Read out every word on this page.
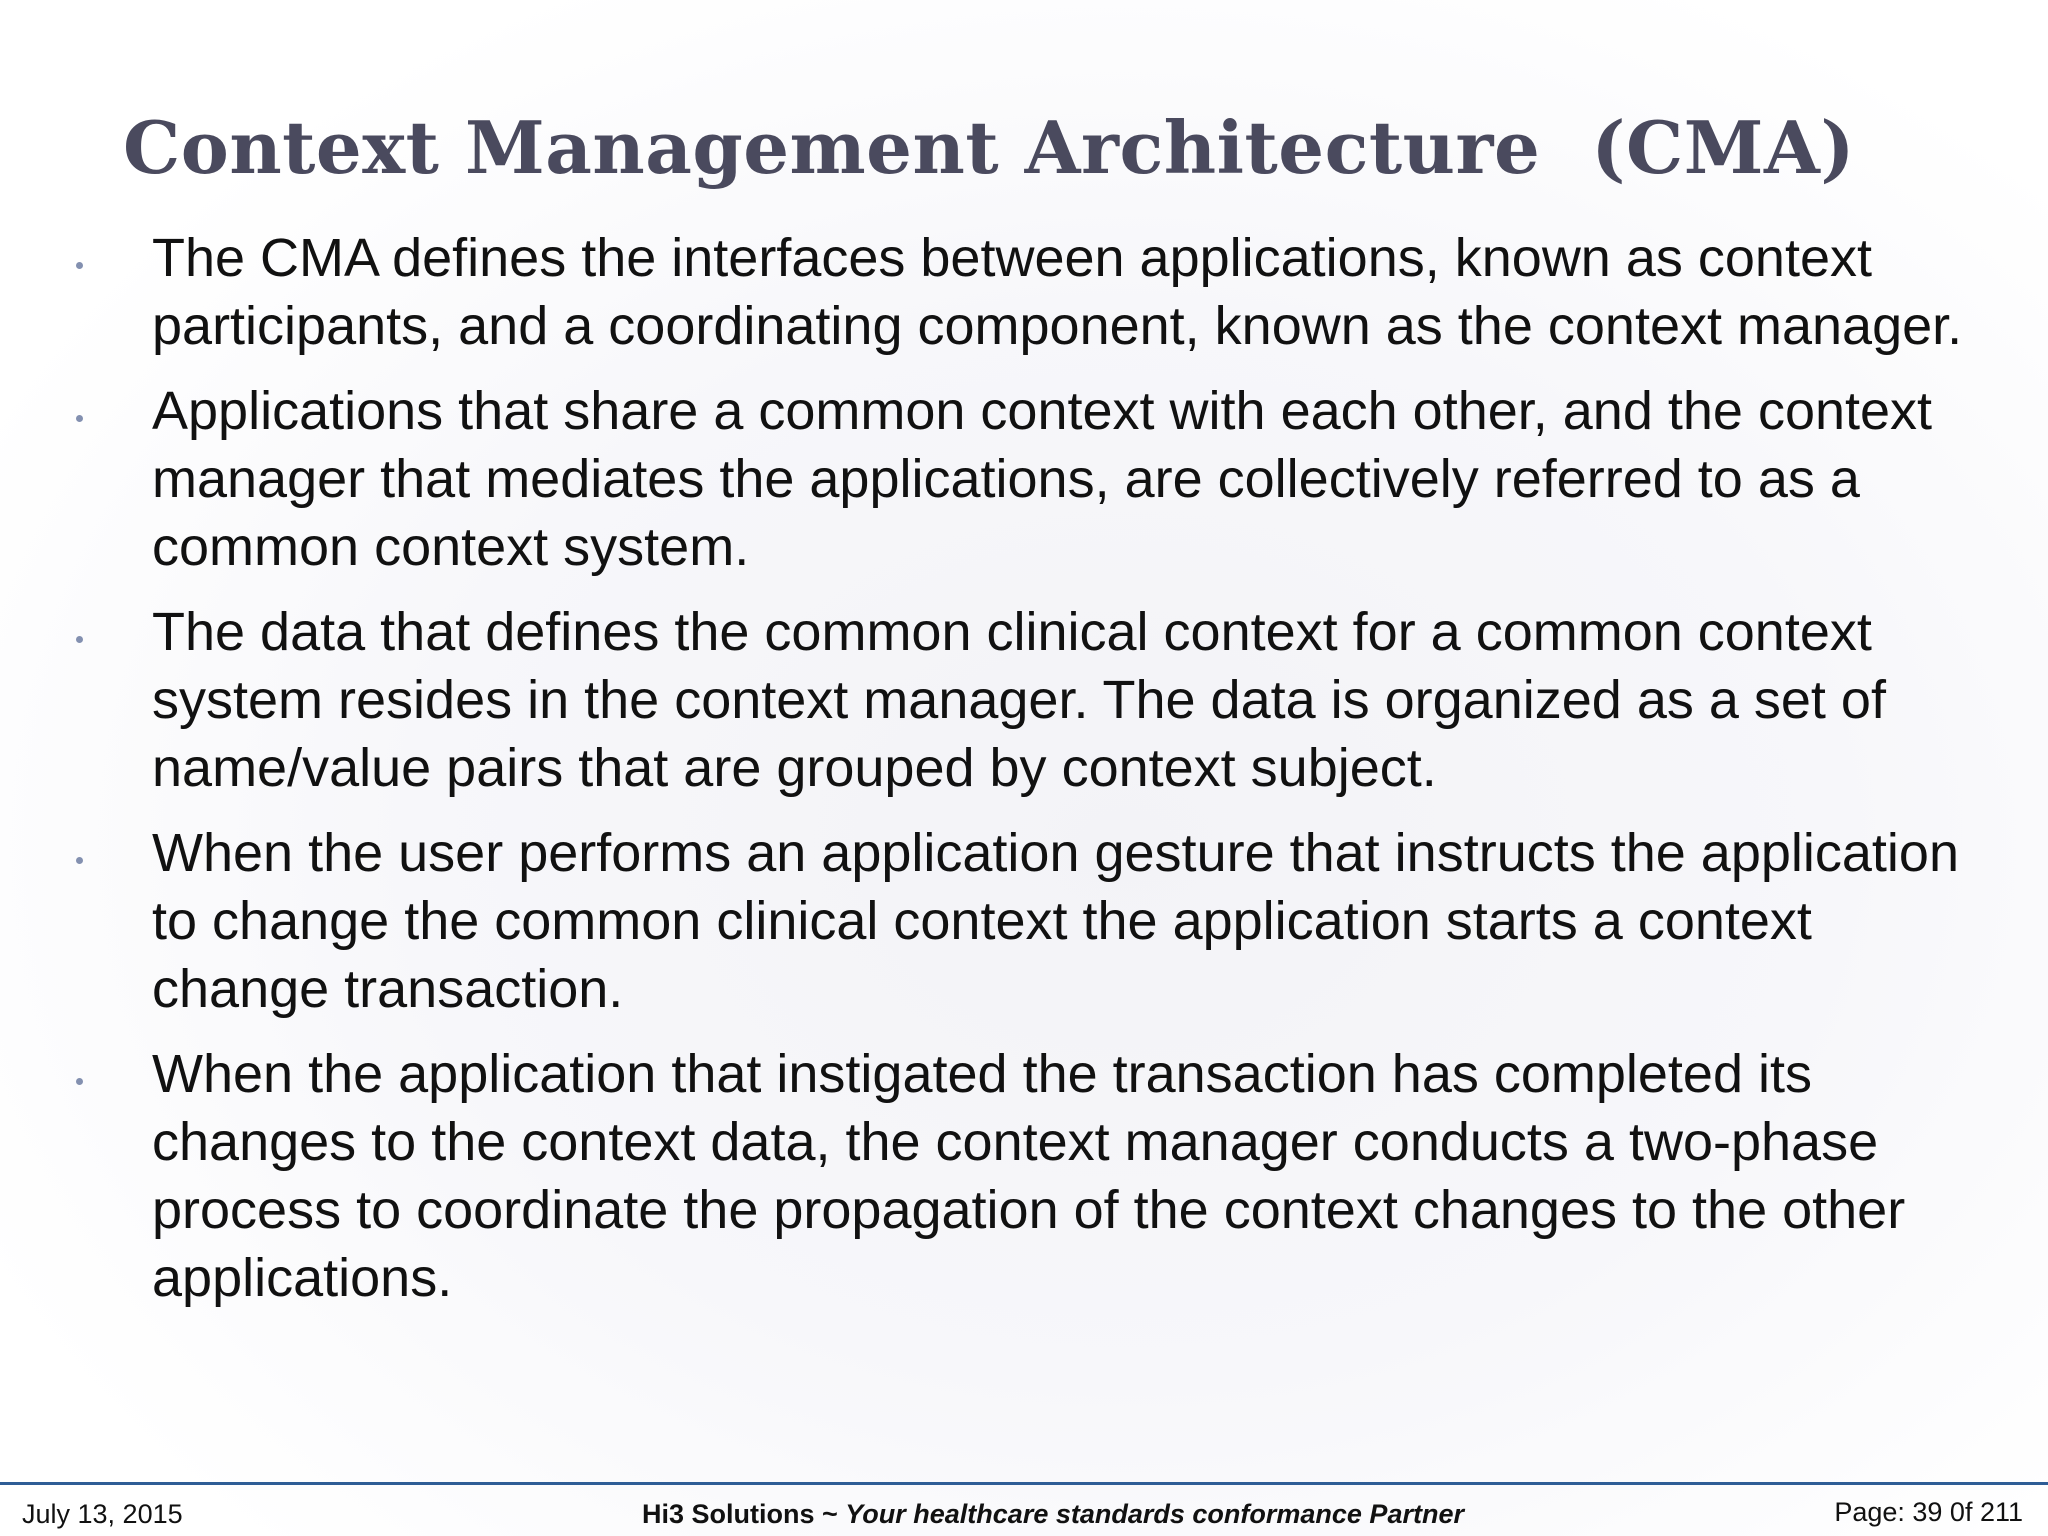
Context Management Architecture  (CMA)
The CMA defines the interfaces between applications, known as context participants, and a coordinating component, known as the context manager.
Applications that share a common context with each other, and the context manager that mediates the applications, are collectively referred to as a common context system.
The data that defines the common clinical context for a common context system resides in the context manager. The data is organized as a set of name/value pairs that are grouped by context subject.
When the user performs an application gesture that instructs the application to change the common clinical context the application starts a context change transaction.
When the application that instigated the transaction has completed its changes to the context data, the context manager conducts a two-phase process to coordinate the propagation of the context changes to the other applications.
July 13, 2015	Hi3 Solutions ~ Your healthcare standards conformance Partner	Page: 39 0f 211
